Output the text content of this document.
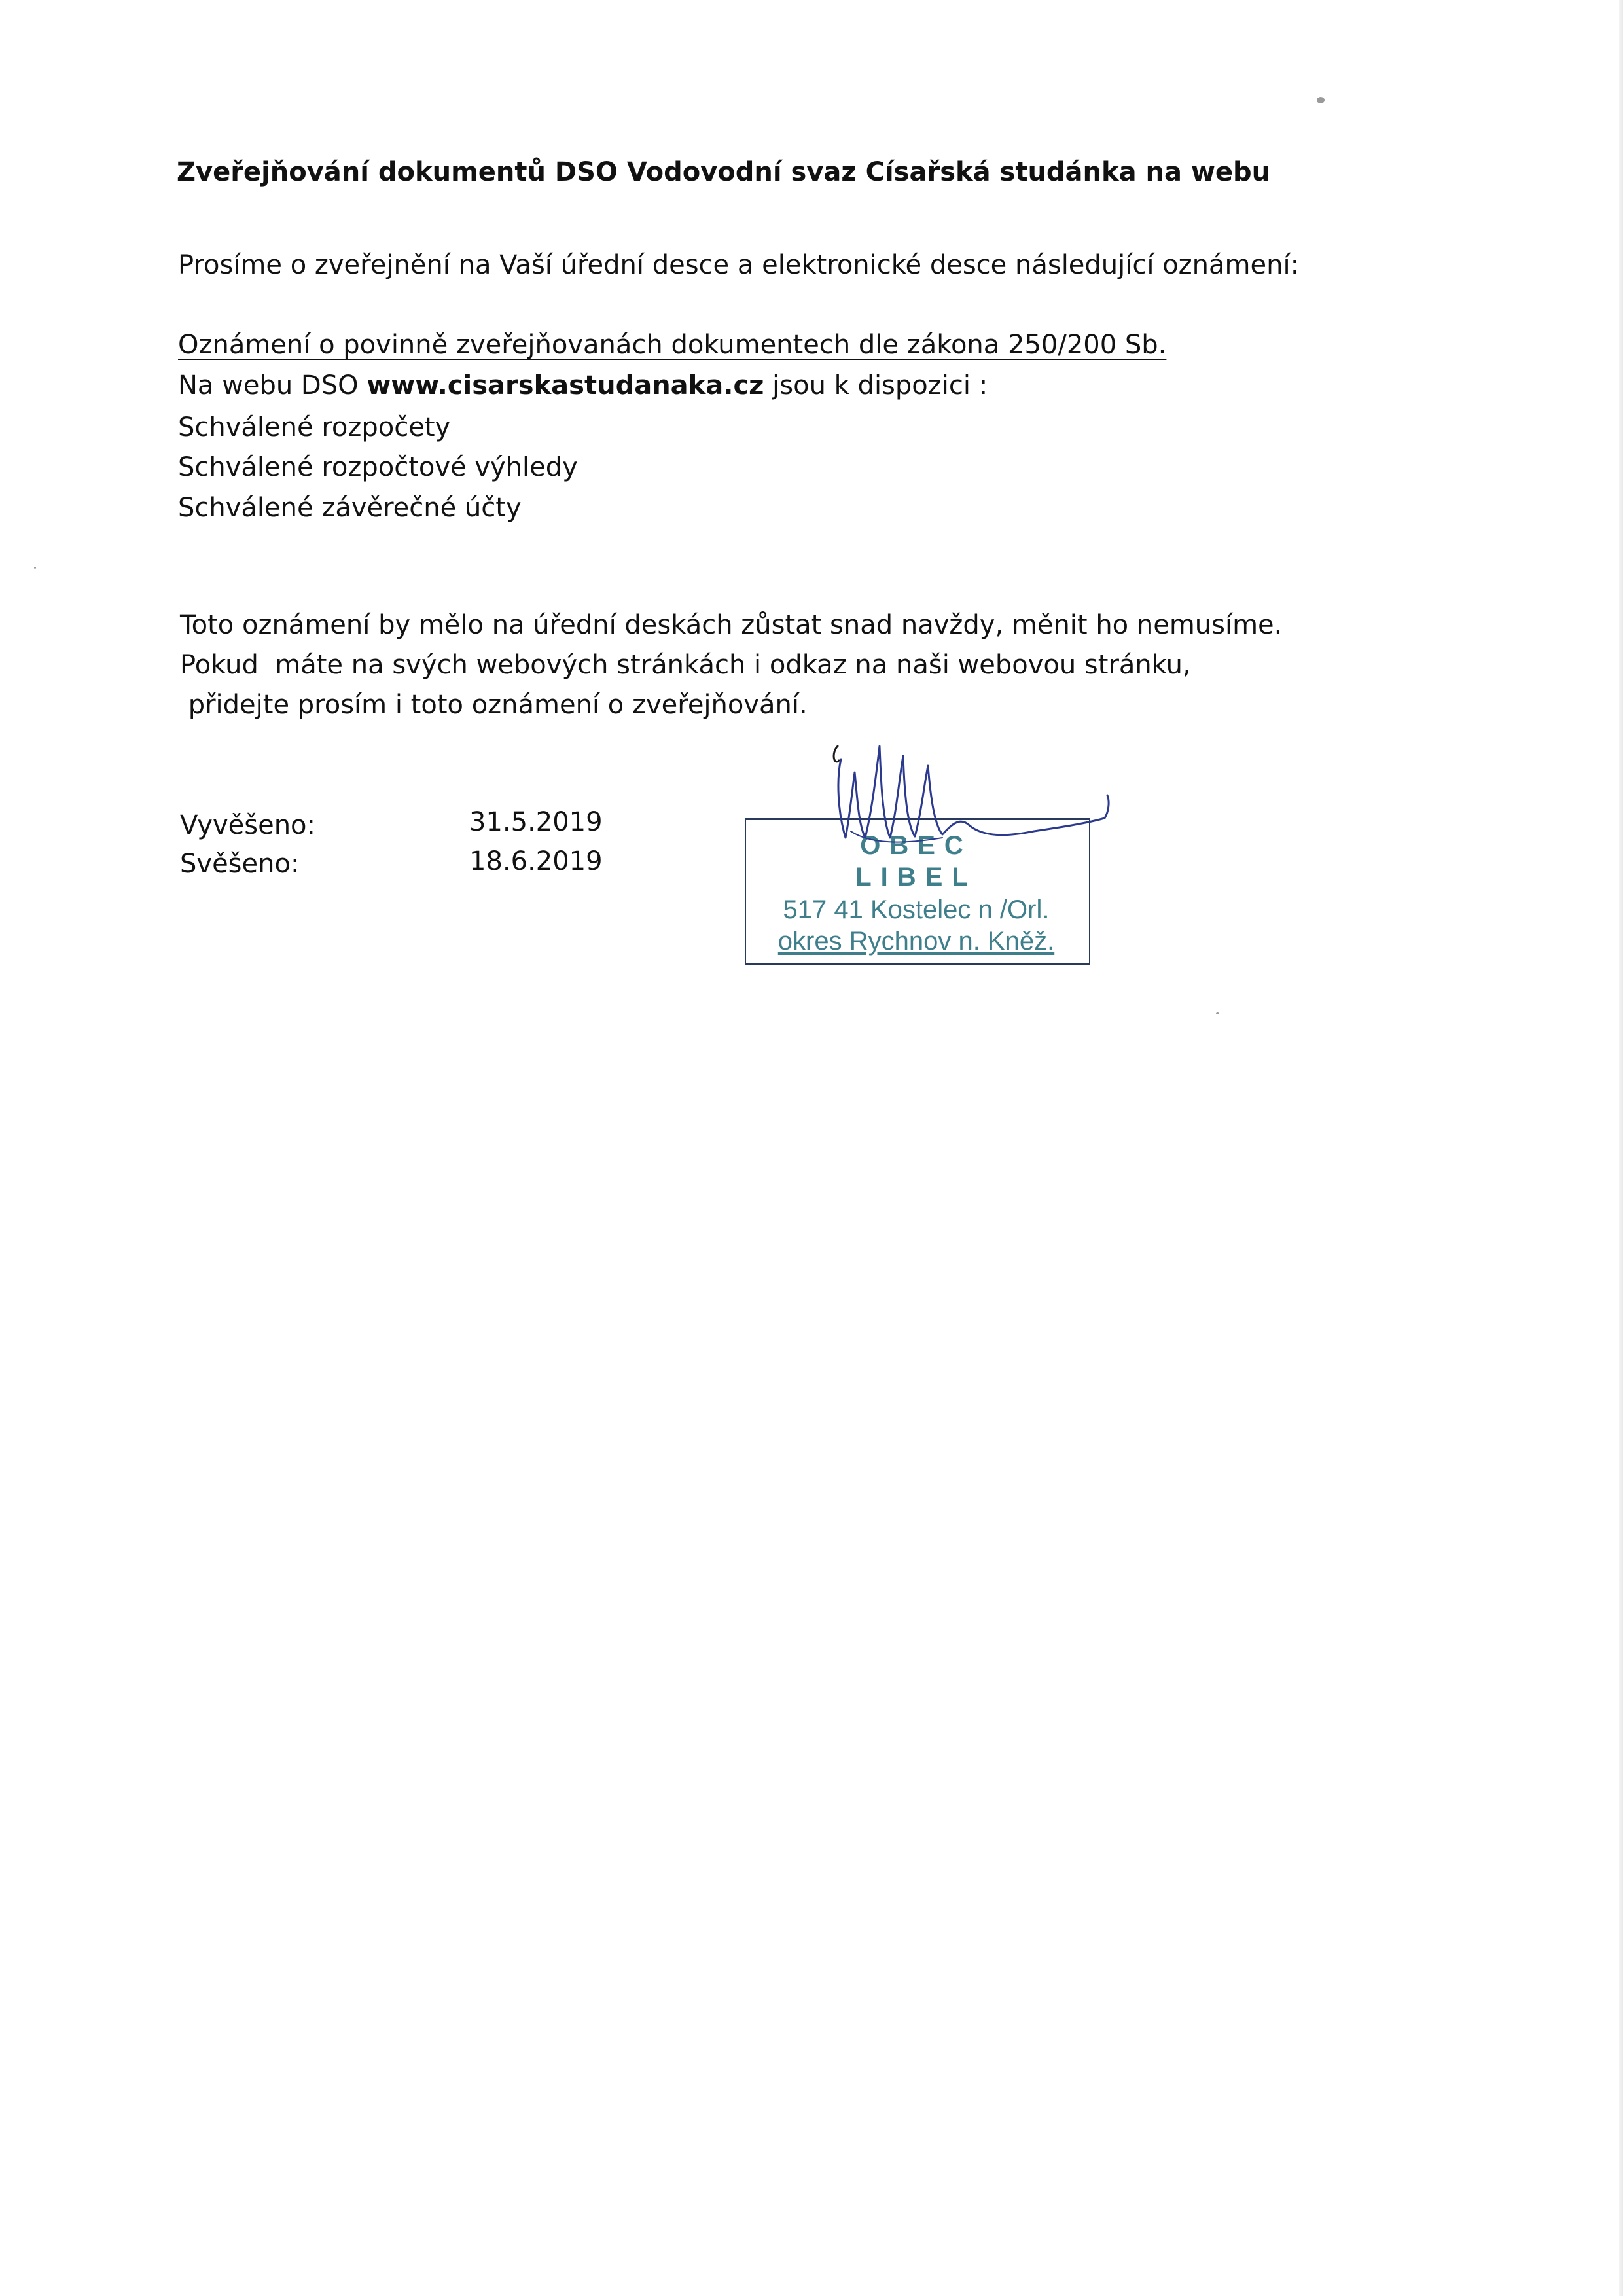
Zveřejňování dokumentů DSO Vodovodní svaz Císařská studánka na webu
Prosíme o zveřejnění na Vaší úřední desce a elektronické desce následující oznámení:
Oznámení o povinně zveřejňovanách dokumentech dle zákona 250/200 Sb.
Na webu DSO www.cisarskastudanaka.cz jsou k dispozici :
Schválené rozpočety
Schválené rozpočtové výhledy
Schválené závěrečné účty
Toto oznámení by mělo na úřední deskách zůstat snad navždy, měnit ho nemusíme.
Pokud  máte na svých webových stránkách i odkaz na naši webovou stránku,
přidejte prosím i toto oznámení o zveřejňování.
Vyvěšeno:	31.5.2019
Svěšeno:	18.6.2019
OBEC
LIBEL
517 41 Kostelec n /Orl.
okres Rychnov n. Kněž.
